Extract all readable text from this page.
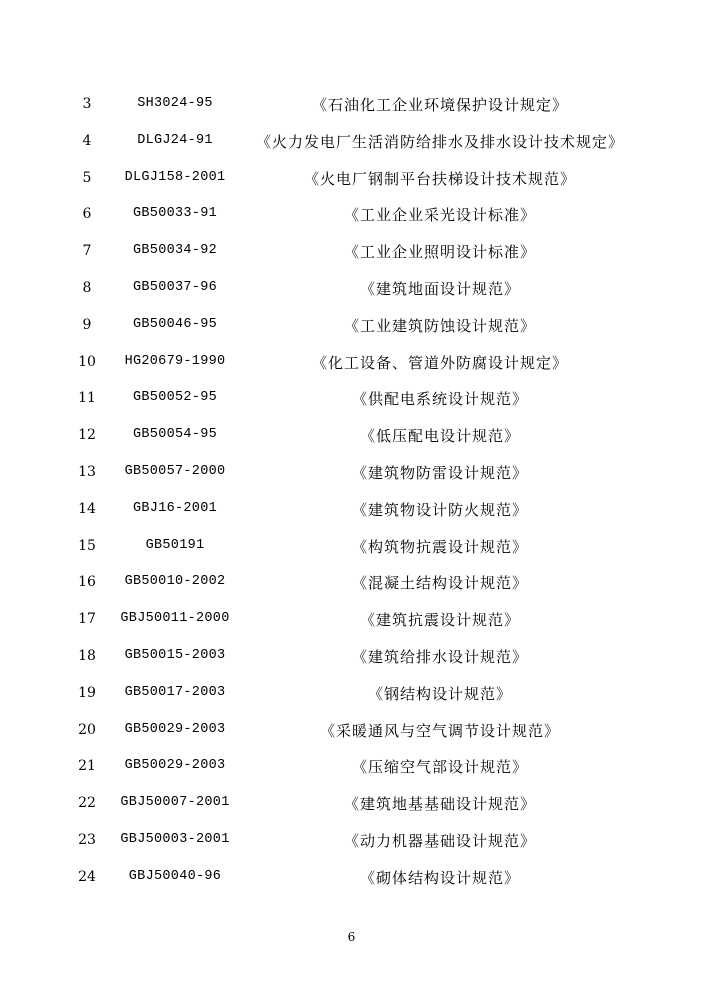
3	SH3024-95	《石油化工企业环境保护设计规定》
4	DLGJ24-91	《火力发电厂生活消防给排水及排水设计技术规定》
5	DLGJ158-2001	《火电厂钢制平台扶梯设计技术规范》
6	GB50033-91	《工业企业采光设计标准》
7	GB50034-92	《工业企业照明设计标准》
8	GB50037-96	《建筑地面设计规范》
9	GB50046-95	《工业建筑防蚀设计规范》
10	HG20679-1990	《化工设备、管道外防腐设计规定》
11	GB50052-95	《供配电系统设计规范》
12	GB50054-95	《低压配电设计规范》
13	GB50057-2000	《建筑物防雷设计规范》
14	GBJ16-2001	《建筑物设计防火规范》
15	GB50191	《构筑物抗震设计规范》
16	GB50010-2002	《混凝土结构设计规范》
17	GBJ50011-2000	《建筑抗震设计规范》
18	GB50015-2003	《建筑给排水设计规范》
19	GB50017-2003	《钢结构设计规范》
20	GB50029-2003	《采暖通风与空气调节设计规范》
21	GB50029-2003	《压缩空气部设计规范》
22	GBJ50007-2001	《建筑地基基础设计规范》
23	GBJ50003-2001	《动力机器基础设计规范》
24	GBJ50040-96	《砌体结构设计规范》
6
